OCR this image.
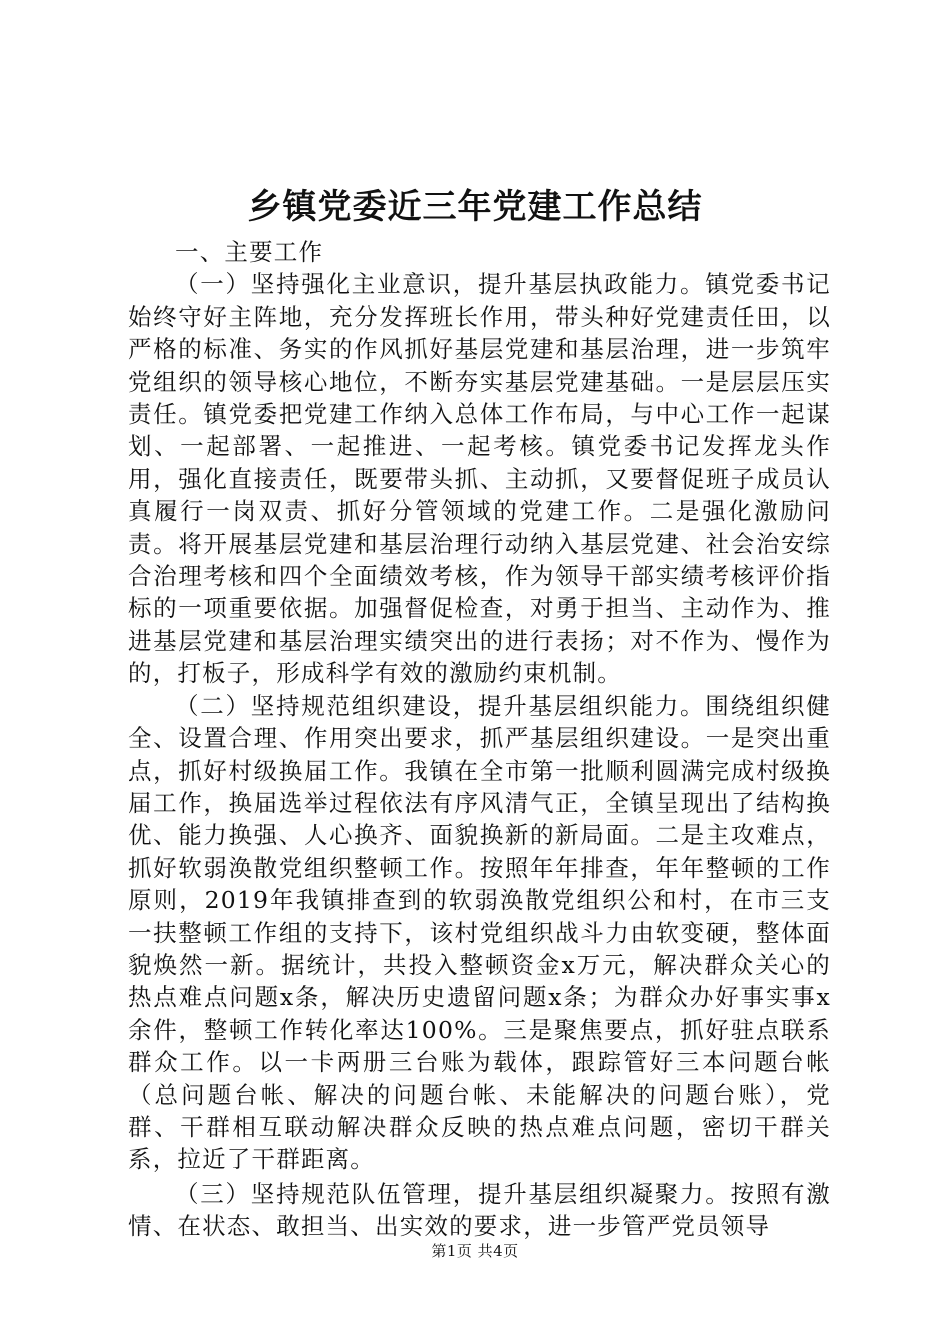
乡镇党委近三年党建工作总结

一、主要工作

（一）坚持强化主业意识，提升基层执政能力。镇党委书记始终守好主阵地，充分发挥班长作用，带头种好党建责任田，以严格的标准、务实的作风抓好基层党建和基层治理，进一步筑牢党组织的领导核心地位，不断夯实基层党建基础。一是层层压实责任。镇党委把党建工作纳入总体工作布局，与中心工作一起谋划、一起部署、一起推进、一起考核。镇党委书记发挥龙头作用，强化直接责任，既要带头抓、主动抓，又要督促班子成员认真履行一岗双责、抓好分管领域的党建工作。二是强化激励问责。将开展基层党建和基层治理行动纳入基层党建、社会治安综合治理考核和四个全面绩效考核，作为领导干部实绩考核评价指标的一项重要依据。加强督促检查，对勇于担当、主动作为、推进基层党建和基层治理实绩突出的进行表扬；对不作为、慢作为的，打板子，形成科学有效的激励约束机制。

（二）坚持规范组织建设，提升基层组织能力。围绕组织健全、设置合理、作用突出要求，抓严基层组织建设。一是突出重点，抓好村级换届工作。我镇在全市第一批顺利圆满完成村级换届工作，换届选举过程依法有序风清气正，全镇呈现出了结构换优、能力换强、人心换齐、面貌换新的新局面。二是主攻难点，抓好软弱涣散党组织整顿工作。按照年年排查，年年整顿的工作原则，2019年我镇排查到的软弱涣散党组织公和村，在市三支一扶整顿工作组的支持下，该村党组织战斗力由软变硬，整体面貌焕然一新。据统计，共投入整顿资金x万元，解决群众关心的热点难点问题x条，解决历史遗留问题x条；为群众办好事实事x余件，整顿工作转化率达100%。三是聚焦要点，抓好驻点联系群众工作。以一卡两册三台账为载体，跟踪管好三本问题台帐（总问题台帐、解决的问题台帐、未能解决的问题台账），党群、干群相互联动解决群众反映的热点难点问题，密切干群关系，拉近了干群距离。

（三）坚持规范队伍管理，提升基层组织凝聚力。按照有激情、在状态、敢担当、出实效的要求，进一步管严党员领导

第1页 共4页
